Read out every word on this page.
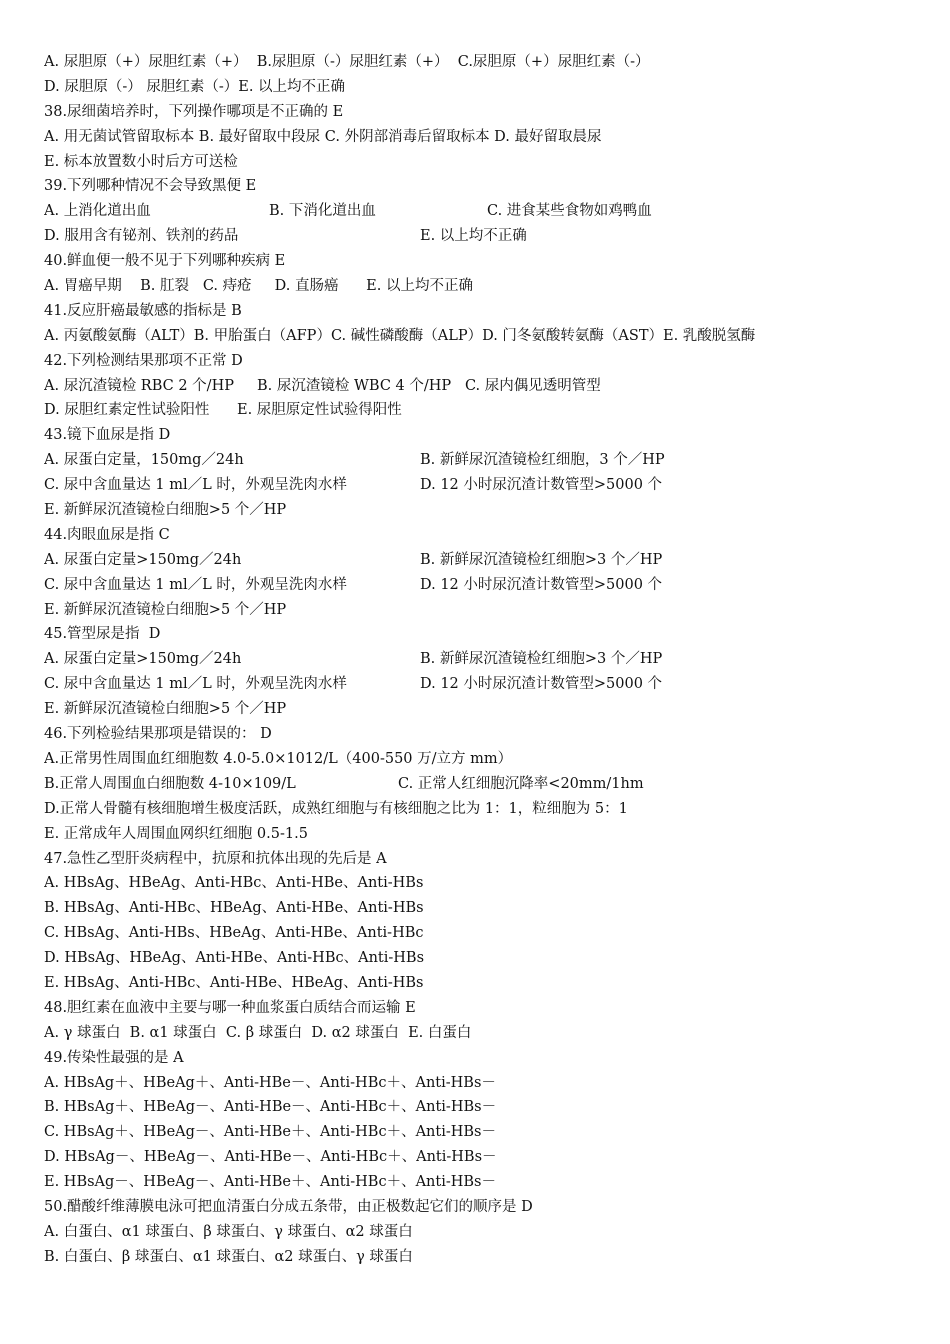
A. 尿胆原（+）尿胆红素（+）  B.尿胆原（-）尿胆红素（+）  C.尿胆原（+）尿胆红素（-）
D. 尿胆原（-） 尿胆红素（-）E. 以上均不正确
38.尿细菌培养时，下列操作哪项是不正确的 E
A. 用无菌试管留取标本 B. 最好留取中段尿 C. 外阴部消毒后留取标本 D. 最好留取晨尿
E. 标本放置数小时后方可送检
39.下列哪种情况不会导致黑便 E
A. 上消化道出血	B. 下消化道出血	C. 进食某些食物如鸡鸭血
D. 服用含有铋剂、铁剂的药品	E. 以上均不正确
40.鲜血便一般不见于下列哪种疾病 E
A. 胃癌早期    B. 肛裂   C. 痔疮     D. 直肠癌      E. 以上均不正确
41.反应肝癌最敏感的指标是 B
A. 丙氨酸氨酶（ALT）B. 甲胎蛋白（AFP）C. 碱性磷酸酶（ALP）D. 门冬氨酸转氨酶（AST）E. 乳酸脱氢酶
42.下列检测结果那项不正常 D
A. 尿沉渣镜检 RBC 2 个/HP     B. 尿沉渣镜检 WBC 4 个/HP   C. 尿内偶见透明管型
D. 尿胆红素定性试验阳性      E. 尿胆原定性试验得阳性
43.镜下血尿是指 D
A. 尿蛋白定量，150mg／24h	B. 新鲜尿沉渣镜检红细胞，3 个／HP
C. 尿中含血量达 1 ml／L 时，外观呈洗肉水样	D. 12 小时尿沉渣计数管型>5000 个
E. 新鲜尿沉渣镜检白细胞>5 个／HP
44.肉眼血尿是指 C
A. 尿蛋白定量>150mg／24h	B. 新鲜尿沉渣镜检红细胞>3 个／HP
C. 尿中含血量达 1 ml／L 时，外观呈洗肉水样	D. 12 小时尿沉渣计数管型>5000 个
E. 新鲜尿沉渣镜检白细胞>5 个／HP
45.管型尿是指  D
A. 尿蛋白定量>150mg／24h	B. 新鲜尿沉渣镜检红细胞>3 个／HP
C. 尿中含血量达 1 ml／L 时，外观呈洗肉水样	D. 12 小时尿沉渣计数管型>5000 个
E. 新鲜尿沉渣镜检白细胞>5 个／HP
46.下列检验结果那项是错误的： D
A.正常男性周围血红细胞数 4.0-5.0×1012/L（400-550 万/立方 mm）
B.正常人周围血白细胞数 4-10×109/L	C. 正常人红细胞沉降率<20mm/1hm
D.正常人骨髓有核细胞增生极度活跃，成熟红细胞与有核细胞之比为 1：1，粒细胞为 5：1
E. 正常成年人周围血网织红细胞 0.5-1.5
47.急性乙型肝炎病程中，抗原和抗体出现的先后是 A
A. HBsAg、HBeAg、Anti-HBc、Anti-HBe、Anti-HBs
B. HBsAg、Anti-HBc、HBeAg、Anti-HBe、Anti-HBs
C. HBsAg、Anti-HBs、HBeAg、Anti-HBe、Anti-HBc
D. HBsAg、HBeAg、Anti-HBe、Anti-HBc、Anti-HBs
E. HBsAg、Anti-HBc、Anti-HBe、HBeAg、Anti-HBs
48.胆红素在血液中主要与哪一种血浆蛋白质结合而运输 E
A. γ 球蛋白  B. α1 球蛋白  C. β 球蛋白  D. α2 球蛋白  E. 白蛋白
49.传染性最强的是 A
A. HBsAg＋、HBeAg＋、Anti-HBe－、Anti-HBc＋、Anti-HBs－
B. HBsAg＋、HBeAg－、Anti-HBe－、Anti-HBc＋、Anti-HBs－
C. HBsAg＋、HBeAg－、Anti-HBe＋、Anti-HBc＋、Anti-HBs－
D. HBsAg－、HBeAg－、Anti-HBe－、Anti-HBc＋、Anti-HBs－
E. HBsAg－、HBeAg－、Anti-HBe＋、Anti-HBc＋、Anti-HBs－
50.醋酸纤维薄膜电泳可把血清蛋白分成五条带，由正极数起它们的顺序是 D
A. 白蛋白、α1 球蛋白、β 球蛋白、γ 球蛋白、α2 球蛋白
B. 白蛋白、β 球蛋白、α1 球蛋白、α2 球蛋白、γ 球蛋白
